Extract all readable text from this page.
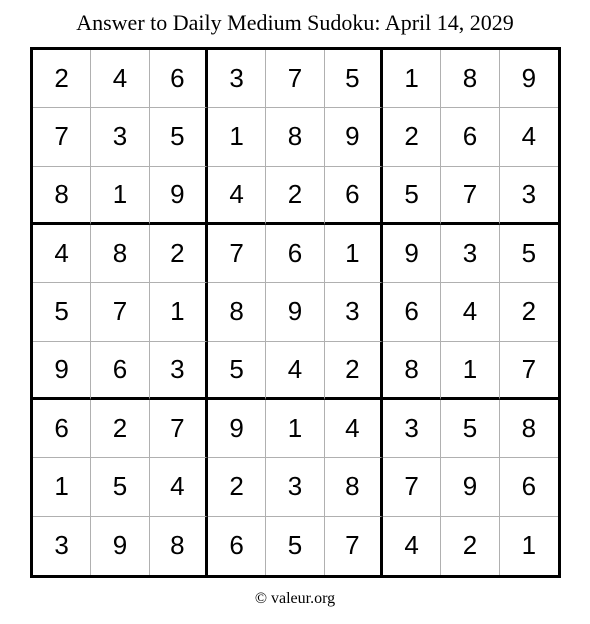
Answer to Daily Medium Sudoku: April 14, 2029
2	4	6	3	7	5	1	8	9
7	3	5	1	8	9	2	6	4
8	1	9	4	2	6	5	7	3
4	8	2	7	6	1	9	3	5
5	7	1	8	9	3	6	4	2
9	6	3	5	4	2	8	1	7
6	2	7	9	1	4	3	5	8
1	5	4	2	3	8	7	9	6
3	9	8	6	5	7	4	2	1
© valeur.org
